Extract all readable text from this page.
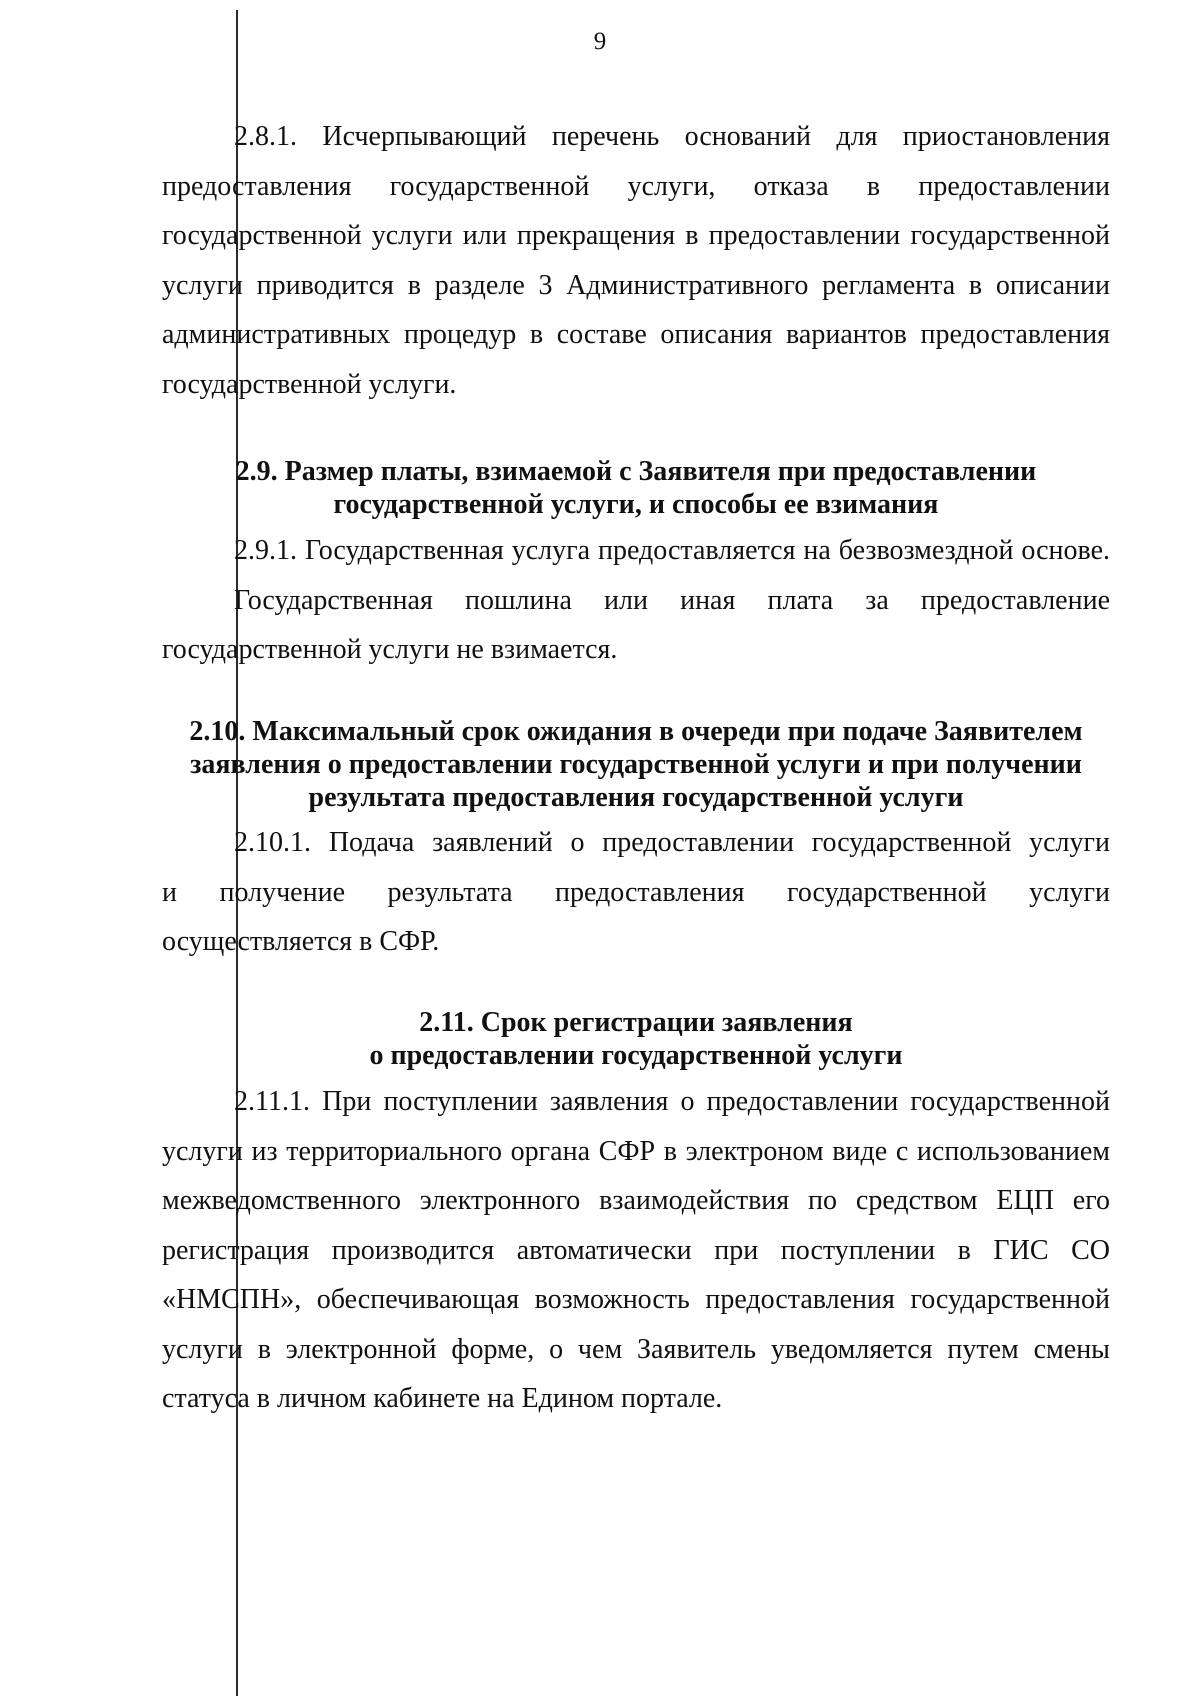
9
2.8.1. Исчерпывающий перечень оснований для приостановления
предоставления государственной услуги, отказа в предоставлении
государственной услуги или прекращения в предоставлении государственной
услуги приводится в разделе 3 Административного регламента в описании
административных процедур в составе описания вариантов предоставления
государственной услуги.
2.9. Размер платы, взимаемой с Заявителя при предоставлении
государственной услуги, и способы ее взимания
2.9.1. Государственная услуга предоставляется на безвозмездной основе.
Государственная пошлина или иная плата за предоставление
государственной услуги не взимается.
2.10. Максимальный срок ожидания в очереди при подаче Заявителем
заявления о предоставлении государственной услуги и при получении
результата предоставления государственной услуги
2.10.1. Подача заявлений о предоставлении государственной услуги
и получение результата предоставления государственной услуги
осуществляется в СФР.
2.11. Срок регистрации заявления
о предоставлении государственной услуги
2.11.1. При поступлении заявления о предоставлении государственной
услуги из территориального органа СФР в электроном виде с использованием
межведомственного электронного взаимодействия по средством ЕЦП его
регистрация производится автоматически при поступлении в ГИС СО
«НМСПН», обеспечивающая возможность предоставления государственной
услуги в электронной форме, о чем Заявитель уведомляется путем смены
статуса в личном кабинете на Едином портале.
